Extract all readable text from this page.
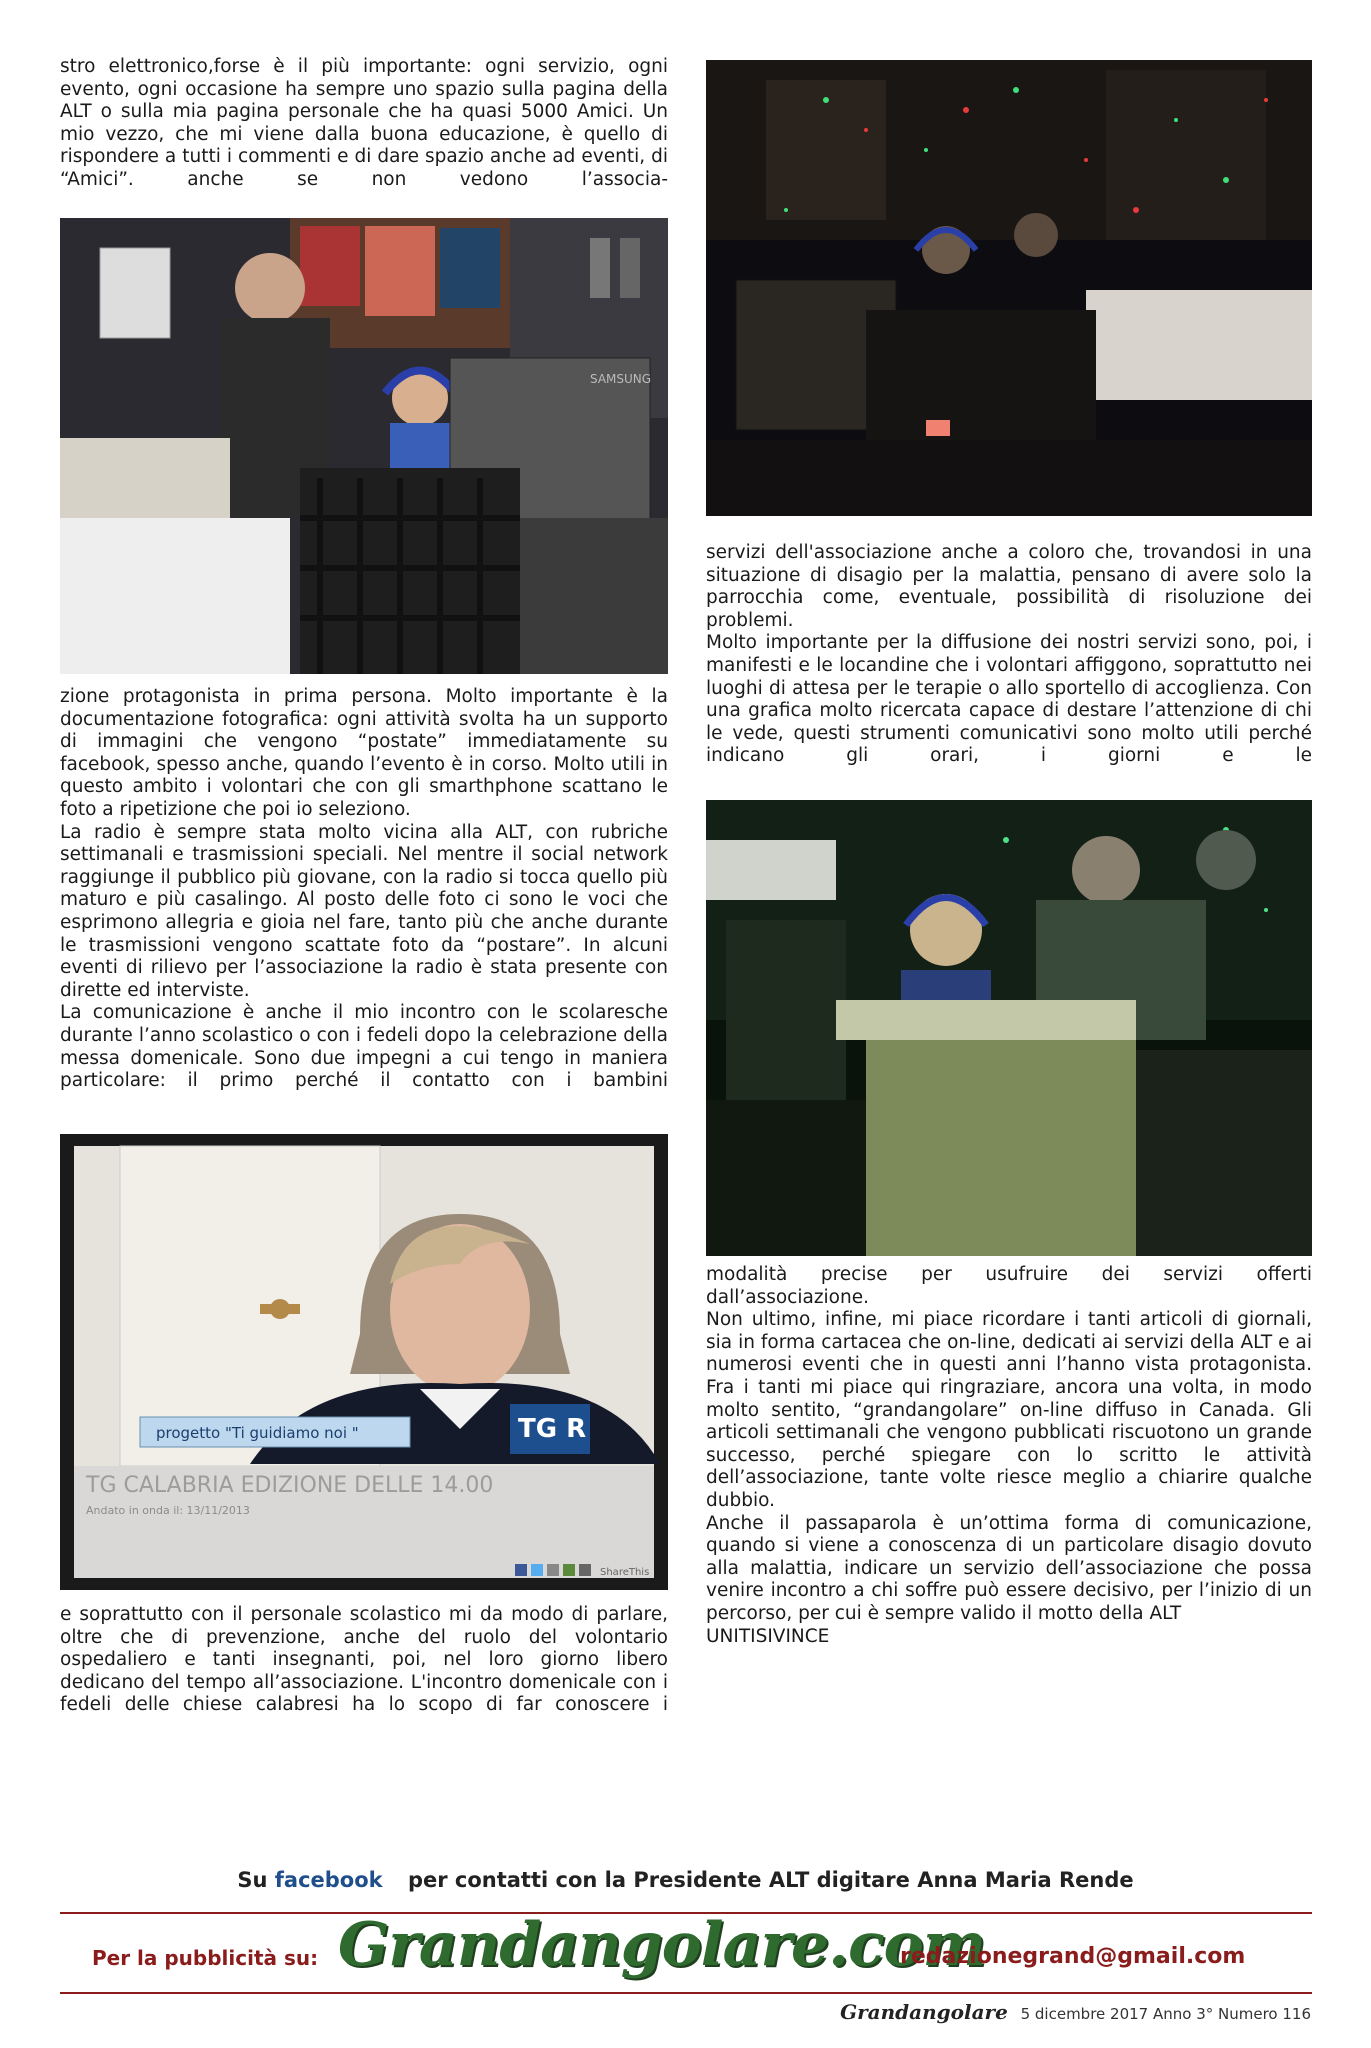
stro elettronico,forse è il più importante: ogni servizio, ogni evento, ogni occasione ha sempre uno spazio sulla pagina della ALT o sulla mia pagina personale che ha quasi 5000 Amici. Un mio vezzo, che mi viene dalla buona educazione, è quello di rispondere a tutti i commenti e di dare spazio anche ad eventi, di “Amici”. anche se non vedono l’associa-

SAMSUNG

zione protagonista in prima persona. Molto importante è la documentazione fotografica: ogni attività svolta ha un supporto di immagini che vengono “postate” immediatamente su facebook, spesso anche, quando l’evento è in corso. Molto utili in questo ambito i volontari che con gli smarthphone scattano le foto a ripetizione che poi io seleziono.

La radio è sempre stata molto vicina alla ALT, con rubriche settimanali e trasmissioni speciali. Nel mentre il social network raggiunge il pubblico più giovane, con la radio si tocca quello più maturo e più casalingo. Al posto delle foto ci sono le voci che esprimono allegria e gioia nel fare, tanto più che anche durante le trasmissioni vengono scattate foto da “postare”. In alcuni eventi di rilievo per l’associazione la radio è stata presente con dirette ed interviste.

La comunicazione è anche il mio incontro con le scolaresche durante l’anno scolastico o con i fedeli dopo la celebrazione della messa domenicale. Sono due impegni a cui tengo in maniera particolare: il primo perché il contatto con i bambini

progetto "Ti guidiamo noi "	TG R
TG CALABRIA EDIZIONE DELLE 14.00
Andato in onda il: 13/11/2013
ShareThis

e soprattutto con il personale scolastico mi da modo di parlare, oltre che di prevenzione, anche del ruolo del volontario ospedaliero e tanti insegnanti, poi, nel loro giorno libero dedicano del tempo all’associazione. L'incontro domenicale con i fedeli delle chiese calabresi ha lo scopo di far conoscere i

servizi dell'associazione anche a coloro che, trovandosi in una situazione di disagio per la malattia, pensano di avere solo la parrocchia come, eventuale, possibilità di risoluzione dei problemi.

Molto importante per la diffusione dei nostri servizi sono, poi, i manifesti e le locandine che i volontari affiggono, soprattutto nei luoghi di attesa per le terapie o allo sportello di accoglienza. Con una grafica molto ricercata capace di destare l’attenzione di chi le vede, questi strumenti comunicativi sono molto utili perché indicano gli orari, i giorni e le

modalità precise per usufruire dei servizi offerti dall’associazione.

Non ultimo, infine, mi piace ricordare i tanti articoli di giornali, sia in forma cartacea che on-line, dedicati ai servizi della ALT e ai numerosi eventi che in questi anni l’hanno vista protagonista. Fra i tanti mi piace qui ringraziare, ancora una volta, in modo molto sentito, “grandangolare” on-line diffuso in Canada. Gli articoli settimanali che vengono pubblicati riscuotono un grande successo, perché spiegare con lo scritto le attività dell’associazione, tante volte riesce meglio a chiarire qualche dubbio.

Anche il passaparola è un’ottima forma di comunicazione, quando si viene a conoscenza di un particolare disagio dovuto alla malattia, indicare un servizio dell’associazione che possa venire incontro a chi soffre può essere decisivo, per l’inizio di un percorso, per cui è sempre valido il motto della ALT

UNITISIVINCE

Su facebook per contatti con la Presidente ALT digitare Anna Maria Rende
Per la pubblicità su: Grandangolare.com
redazionegrand@gmail.com
Grandangolare 5 dicembre 2017 Anno 3° Numero 116
